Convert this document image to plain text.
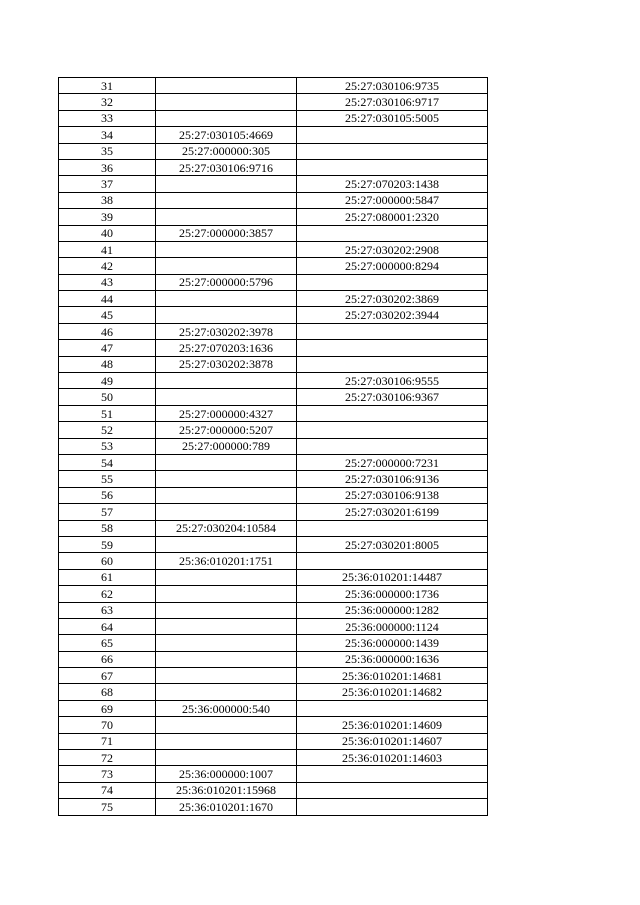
31		25:27:030106:9735
32		25:27:030106:9717
33		25:27:030105:5005
34	25:27:030105:4669	
35	25:27:000000:305	
36	25:27:030106:9716	
37		25:27:070203:1438
38		25:27:000000:5847
39		25:27:080001:2320
40	25:27:000000:3857	
41		25:27:030202:2908
42		25:27:000000:8294
43	25:27:000000:5796	
44		25:27:030202:3869
45		25:27:030202:3944
46	25:27:030202:3978	
47	25:27:070203:1636	
48	25:27:030202:3878	
49		25:27:030106:9555
50		25:27:030106:9367
51	25:27:000000:4327	
52	25:27:000000:5207	
53	25:27:000000:789	
54		25:27:000000:7231
55		25:27:030106:9136
56		25:27:030106:9138
57		25:27:030201:6199
58	25:27:030204:10584	
59		25:27:030201:8005
60	25:36:010201:1751	
61		25:36:010201:14487
62		25:36:000000:1736
63		25:36:000000:1282
64		25:36:000000:1124
65		25:36:000000:1439
66		25:36:000000:1636
67		25:36:010201:14681
68		25:36:010201:14682
69	25:36:000000:540	
70		25:36:010201:14609
71		25:36:010201:14607
72		25:36:010201:14603
73	25:36:000000:1007	
74	25:36:010201:15968	
75	25:36:010201:1670	
